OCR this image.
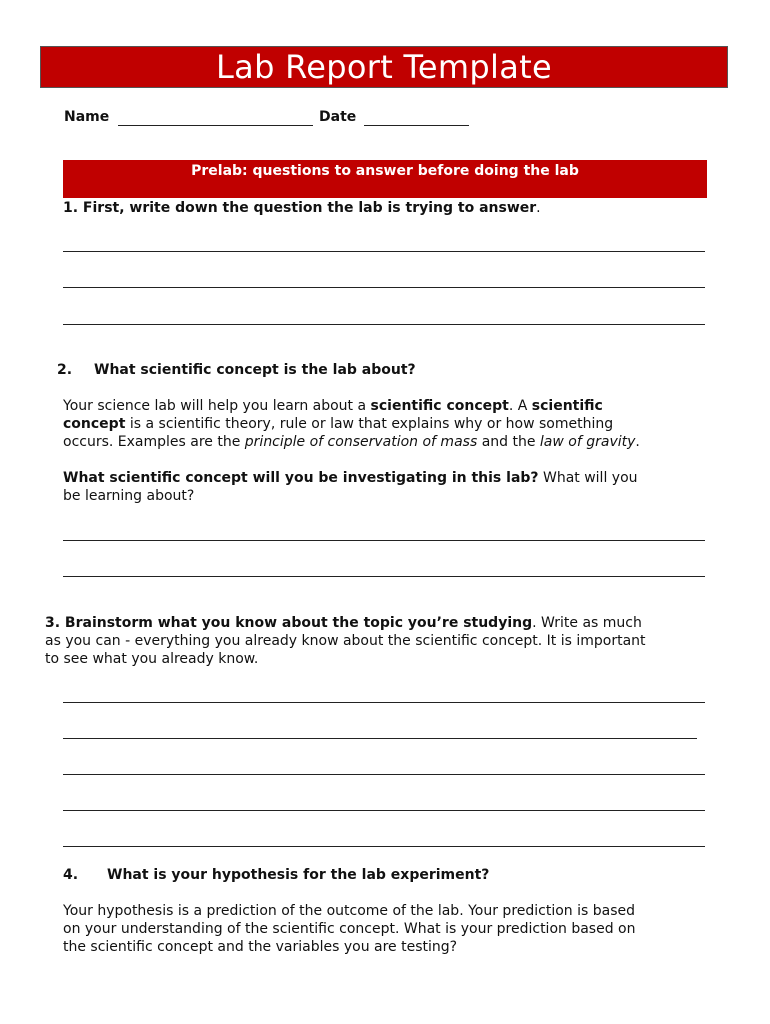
Lab Report Template
Name	Date
Prelab: questions to answer before doing the lab
1. First, write down the question the lab is trying to answer.
2. What scientific concept is the lab about?
Your science lab will help you learn about a scientific concept. A scientific
concept is a scientific theory, rule or law that explains why or how something
occurs. Examples are the principle of conservation of mass and the law of gravity.
What scientific concept will you be investigating in this lab? What will you
be learning about?
3. Brainstorm what you know about the topic you’re studying. Write as much
as you can - everything you already know about the scientific concept. It is important
to see what you already know.
4. What is your hypothesis for the lab experiment?
Your hypothesis is a prediction of the outcome of the lab. Your prediction is based
on your understanding of the scientific concept. What is your prediction based on
the scientific concept and the variables you are testing?
